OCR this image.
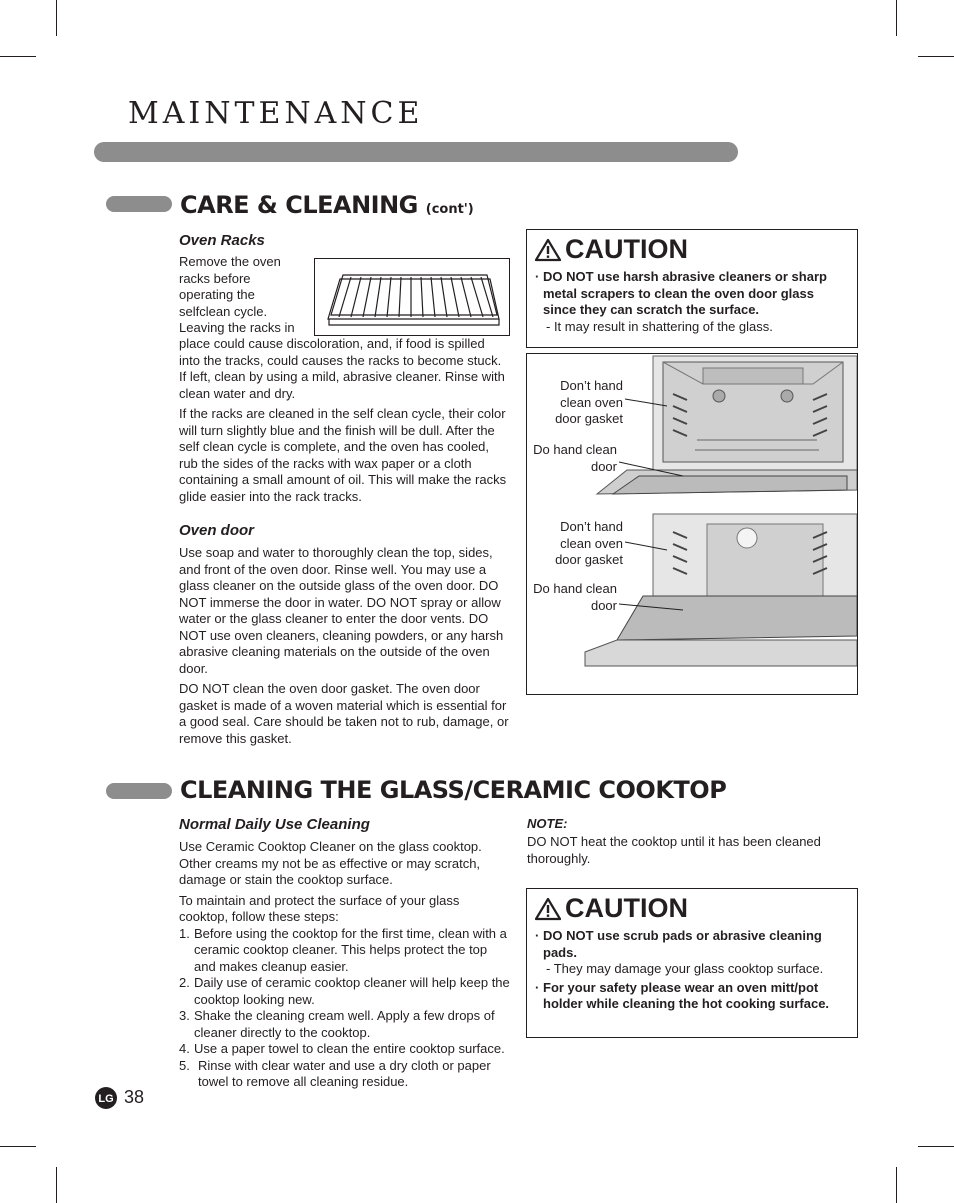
MAINTENANCE
CARE & CLEANING (cont')
Oven Racks
Remove the oven
racks before
operating the
selfclean cycle.
Leaving the racks in

place could cause discoloration, and, if food is spilled into the tracks, could causes the racks to become stuck. If left, clean by using a mild, abrasive cleaner. Rinse with clean water and dry.

If the racks are cleaned in the self clean cycle, their color will turn slightly blue and the finish will be dull. After the self clean cycle is complete, and the oven has cooled, rub the sides of the racks with wax paper or a cloth containing a small amount of oil. This will make the racks glide easier into the rack tracks.

Oven door

Use soap and water to thoroughly clean the top, sides, and front of the oven door. Rinse well. You may use a glass cleaner on the outside glass of the oven door. DO NOT immerse the door in water. DO NOT spray or allow water or the glass cleaner to enter the door vents. DO NOT use oven cleaners, cleaning powders, or any harsh abrasive cleaning materials on the outside of the oven door.

DO NOT clean the oven door gasket. The oven door gasket is made of a woven material which is essential for a good seal. Care should be taken not to rub, damage, or remove this gasket.

CAUTION
· DO NOT use harsh abrasive cleaners or sharp metal scrapers to clean the oven door glass since they can scratch the surface.
- It may result in shattering of the glass.
Don’t hand clean oven door gasket
Do hand clean door
Don’t hand clean oven door gasket
Do hand clean door
CLEANING THE GLASS/CERAMIC COOKTOP
Normal Daily Use Cleaning

Use Ceramic Cooktop Cleaner on the glass cooktop. Other creams my not be as effective or may scratch, damage or stain the cooktop surface.

To maintain and protect the surface of your glass cooktop, follow these steps:

1. Before using the cooktop for the first time, clean with a ceramic cooktop cleaner. This helps protect the top and makes cleanup easier.
2. Daily use of ceramic cooktop cleaner will help keep the cooktop looking new.
3. Shake the cleaning cream well. Apply a few drops of cleaner directly to the cooktop.
4. Use a paper towel to clean the entire cooktop surface.
5. Rinse with clear water and use a dry cloth or paper towel to remove all cleaning residue.
NOTE:
DO NOT heat the cooktop until it has been cleaned thoroughly.
CAUTION
· DO NOT use scrub pads or abrasive cleaning pads.
- They may damage your glass cooktop surface.
· For your safety please wear an oven mitt/pot holder while cleaning the hot cooking surface.
LG 38
